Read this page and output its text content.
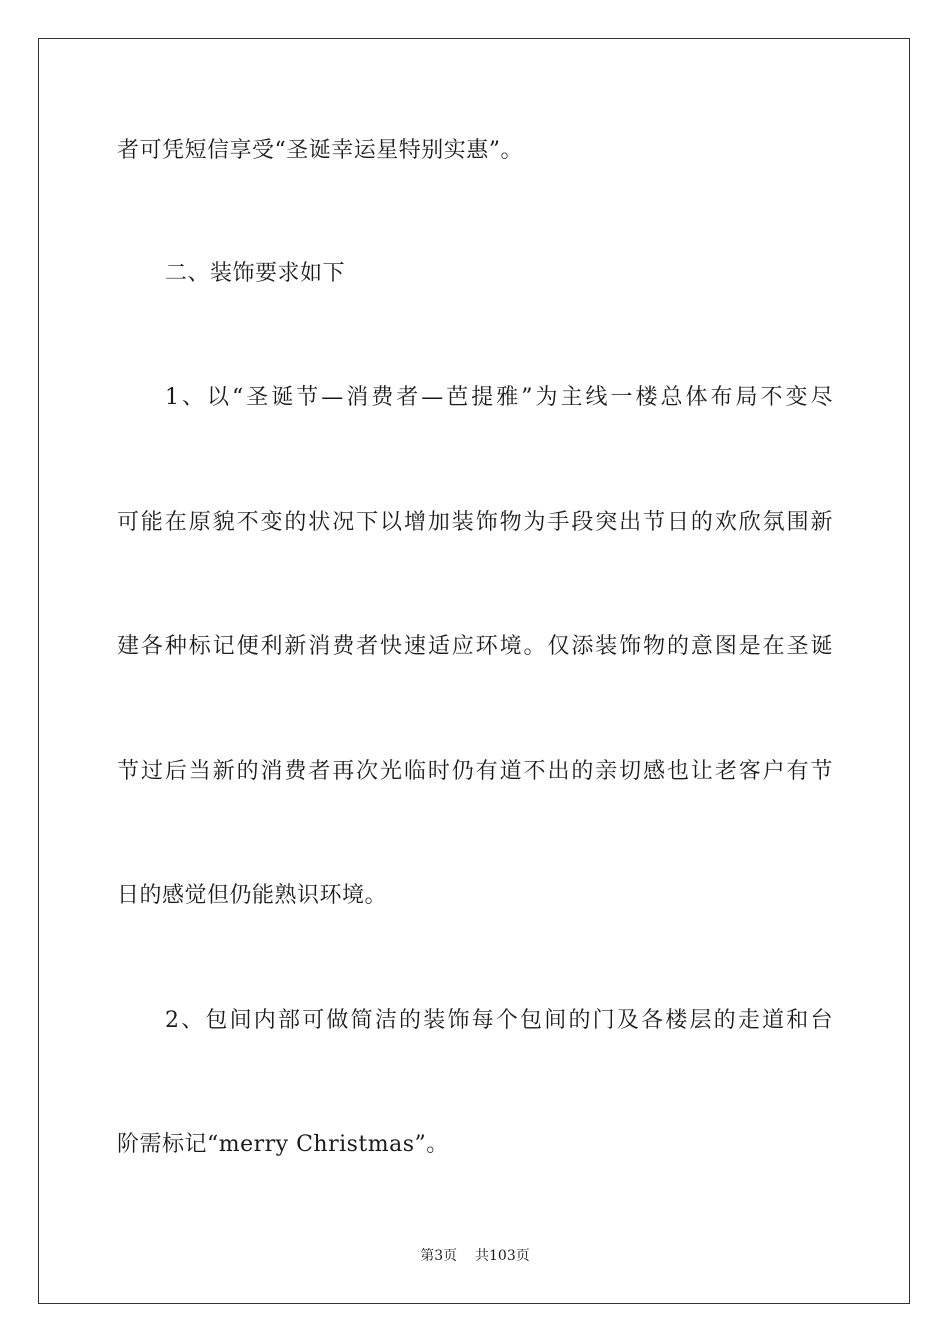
者可凭短信享受“圣诞幸运星特别实惠”。
二、装饰要求如下
1、以“圣诞节—消费者—芭提雅”为主线一楼总体布局不变尽
可能在原貌不变的状况下以增加装饰物为手段突出节日的欢欣氛围新
建各种标记便利新消费者快速适应环境。仅添装饰物的意图是在圣诞
节过后当新的消费者再次光临时仍有道不出的亲切感也让老客户有节
日的感觉但仍能熟识环境。
2、包间内部可做简洁的装饰每个包间的门及各楼层的走道和台
阶需标记“merry Christmas”。
第3页 共103页
